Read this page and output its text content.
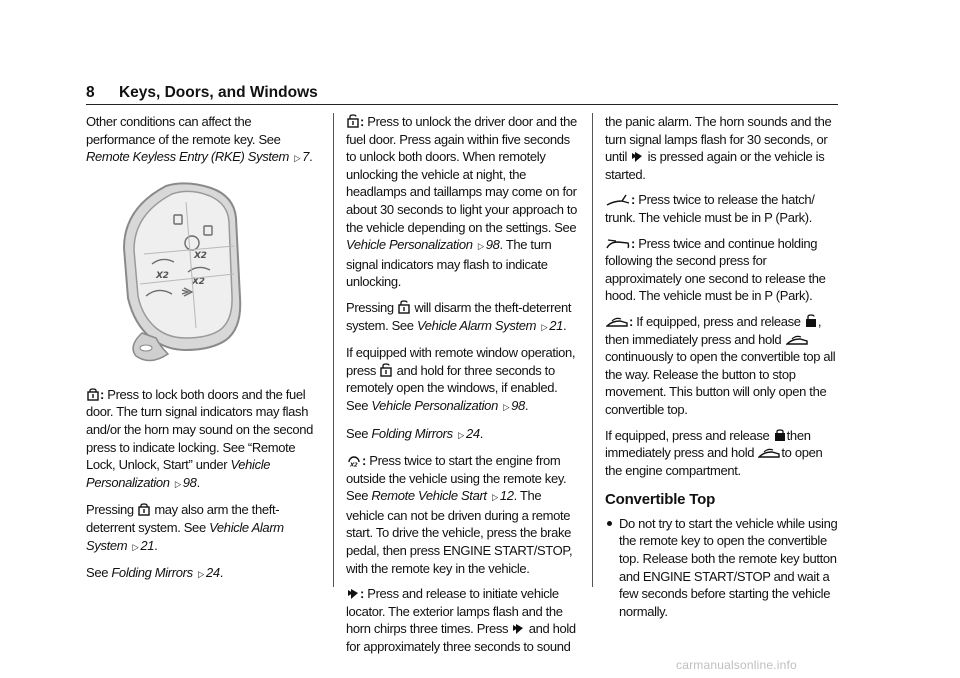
8 Keys, Doors, and Windows

Other conditions can affect the performance of the remote key. See Remote Keyless Entry (RKE) System ▷ 7.

X2
X2
X2

: Press to lock both doors and the fuel door. The turn signal indicators may flash and/or the horn may sound on the second press to indicate locking. See “Remote Lock, Unlock, Start” under Vehicle Personalization ▷ 98.

Pressing may also arm the theft-deterrent system. See Vehicle Alarm System ▷ 21.

See Folding Mirrors ▷ 24.

: Press to unlock the driver door and the fuel door. Press again within five seconds to unlock both doors. When remotely unlocking the vehicle at night, the headlamps and taillamps may come on for about 30 seconds to light your approach to the vehicle depending on the settings. See Vehicle Personalization ▷ 98. The turn signal indicators may flash to indicate unlocking.

Pressing will disarm the theft-deterrent system. See Vehicle Alarm System ▷ 21.

If equipped with remote window operation, press and hold for three seconds to remotely open the windows, if enabled. See Vehicle Personalization ▷ 98.

See Folding Mirrors ▷ 24.

X2 : Press twice to start the engine from outside the vehicle using the remote key. See Remote Vehicle Start ▷ 12. The vehicle can not be driven during a remote start. To drive the vehicle, press the brake pedal, then press ENGINE START/STOP, with the remote key in the vehicle.

: Press and release to initiate vehicle locator. The exterior lamps flash and the horn chirps three times. Press and hold for approximately three seconds to sound

the panic alarm. The horn sounds and the turn signal lamps flash for 30 seconds, or until is pressed again or the vehicle is started.

: Press twice to release the hatch/ trunk. The vehicle must be in P (Park).

: Press twice and continue holding following the second press for approximately one second to release the hood. The vehicle must be in P (Park).

: If equipped, press and release , then immediately press and hold
continuously to open the convertible top all the way. Release the button to stop movement. This button will only open the convertible top.

If equipped, press and release then immediately press and hold to open the engine compartment.

Convertible Top

Do not try to start the vehicle while using the remote key to open the convertible top. Release both the remote key button and ENGINE START/STOP and wait a few seconds before starting the vehicle normally.

carmanualsonline.info
